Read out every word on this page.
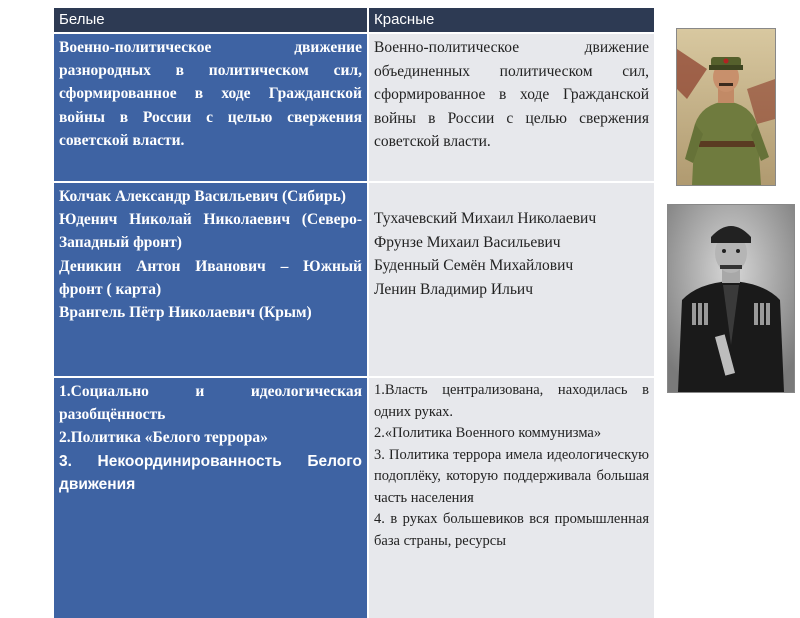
Белые	Красные
Военно-политическое движение разнородных в политическом сил, сформированное в ходе Гражданской войны в России с целью свержения советской власти.
Военно-политическое движение объединенных политическом сил, сформированное в ходе Гражданской войны в России с целью свержения советской власти.
Колчак Александр Васильевич (Сибирь)
Юденич Николай Николаевич (Северо-Западный фронт)
Деникин Антон Иванович – Южный фронт ( карта)
Врангель Пётр Николаевич (Крым)
Тухачевский Михаил Николаевич
Фрунзе Михаил Васильевич
Буденный Семён Михайлович
Ленин Владимир Ильич
1.Социально и идеологическая разобщённость
2.Политика «Белого террора»
3. Некоординированность Белого движения
1.Власть централизована, находилась в одних руках.
2.«Политика Военного коммунизма»
3. Политика террора имела идеологическую подоплёку, которую поддерживала большая часть населения
4. в руках большевиков вся промышленная база страны, ресурсы
